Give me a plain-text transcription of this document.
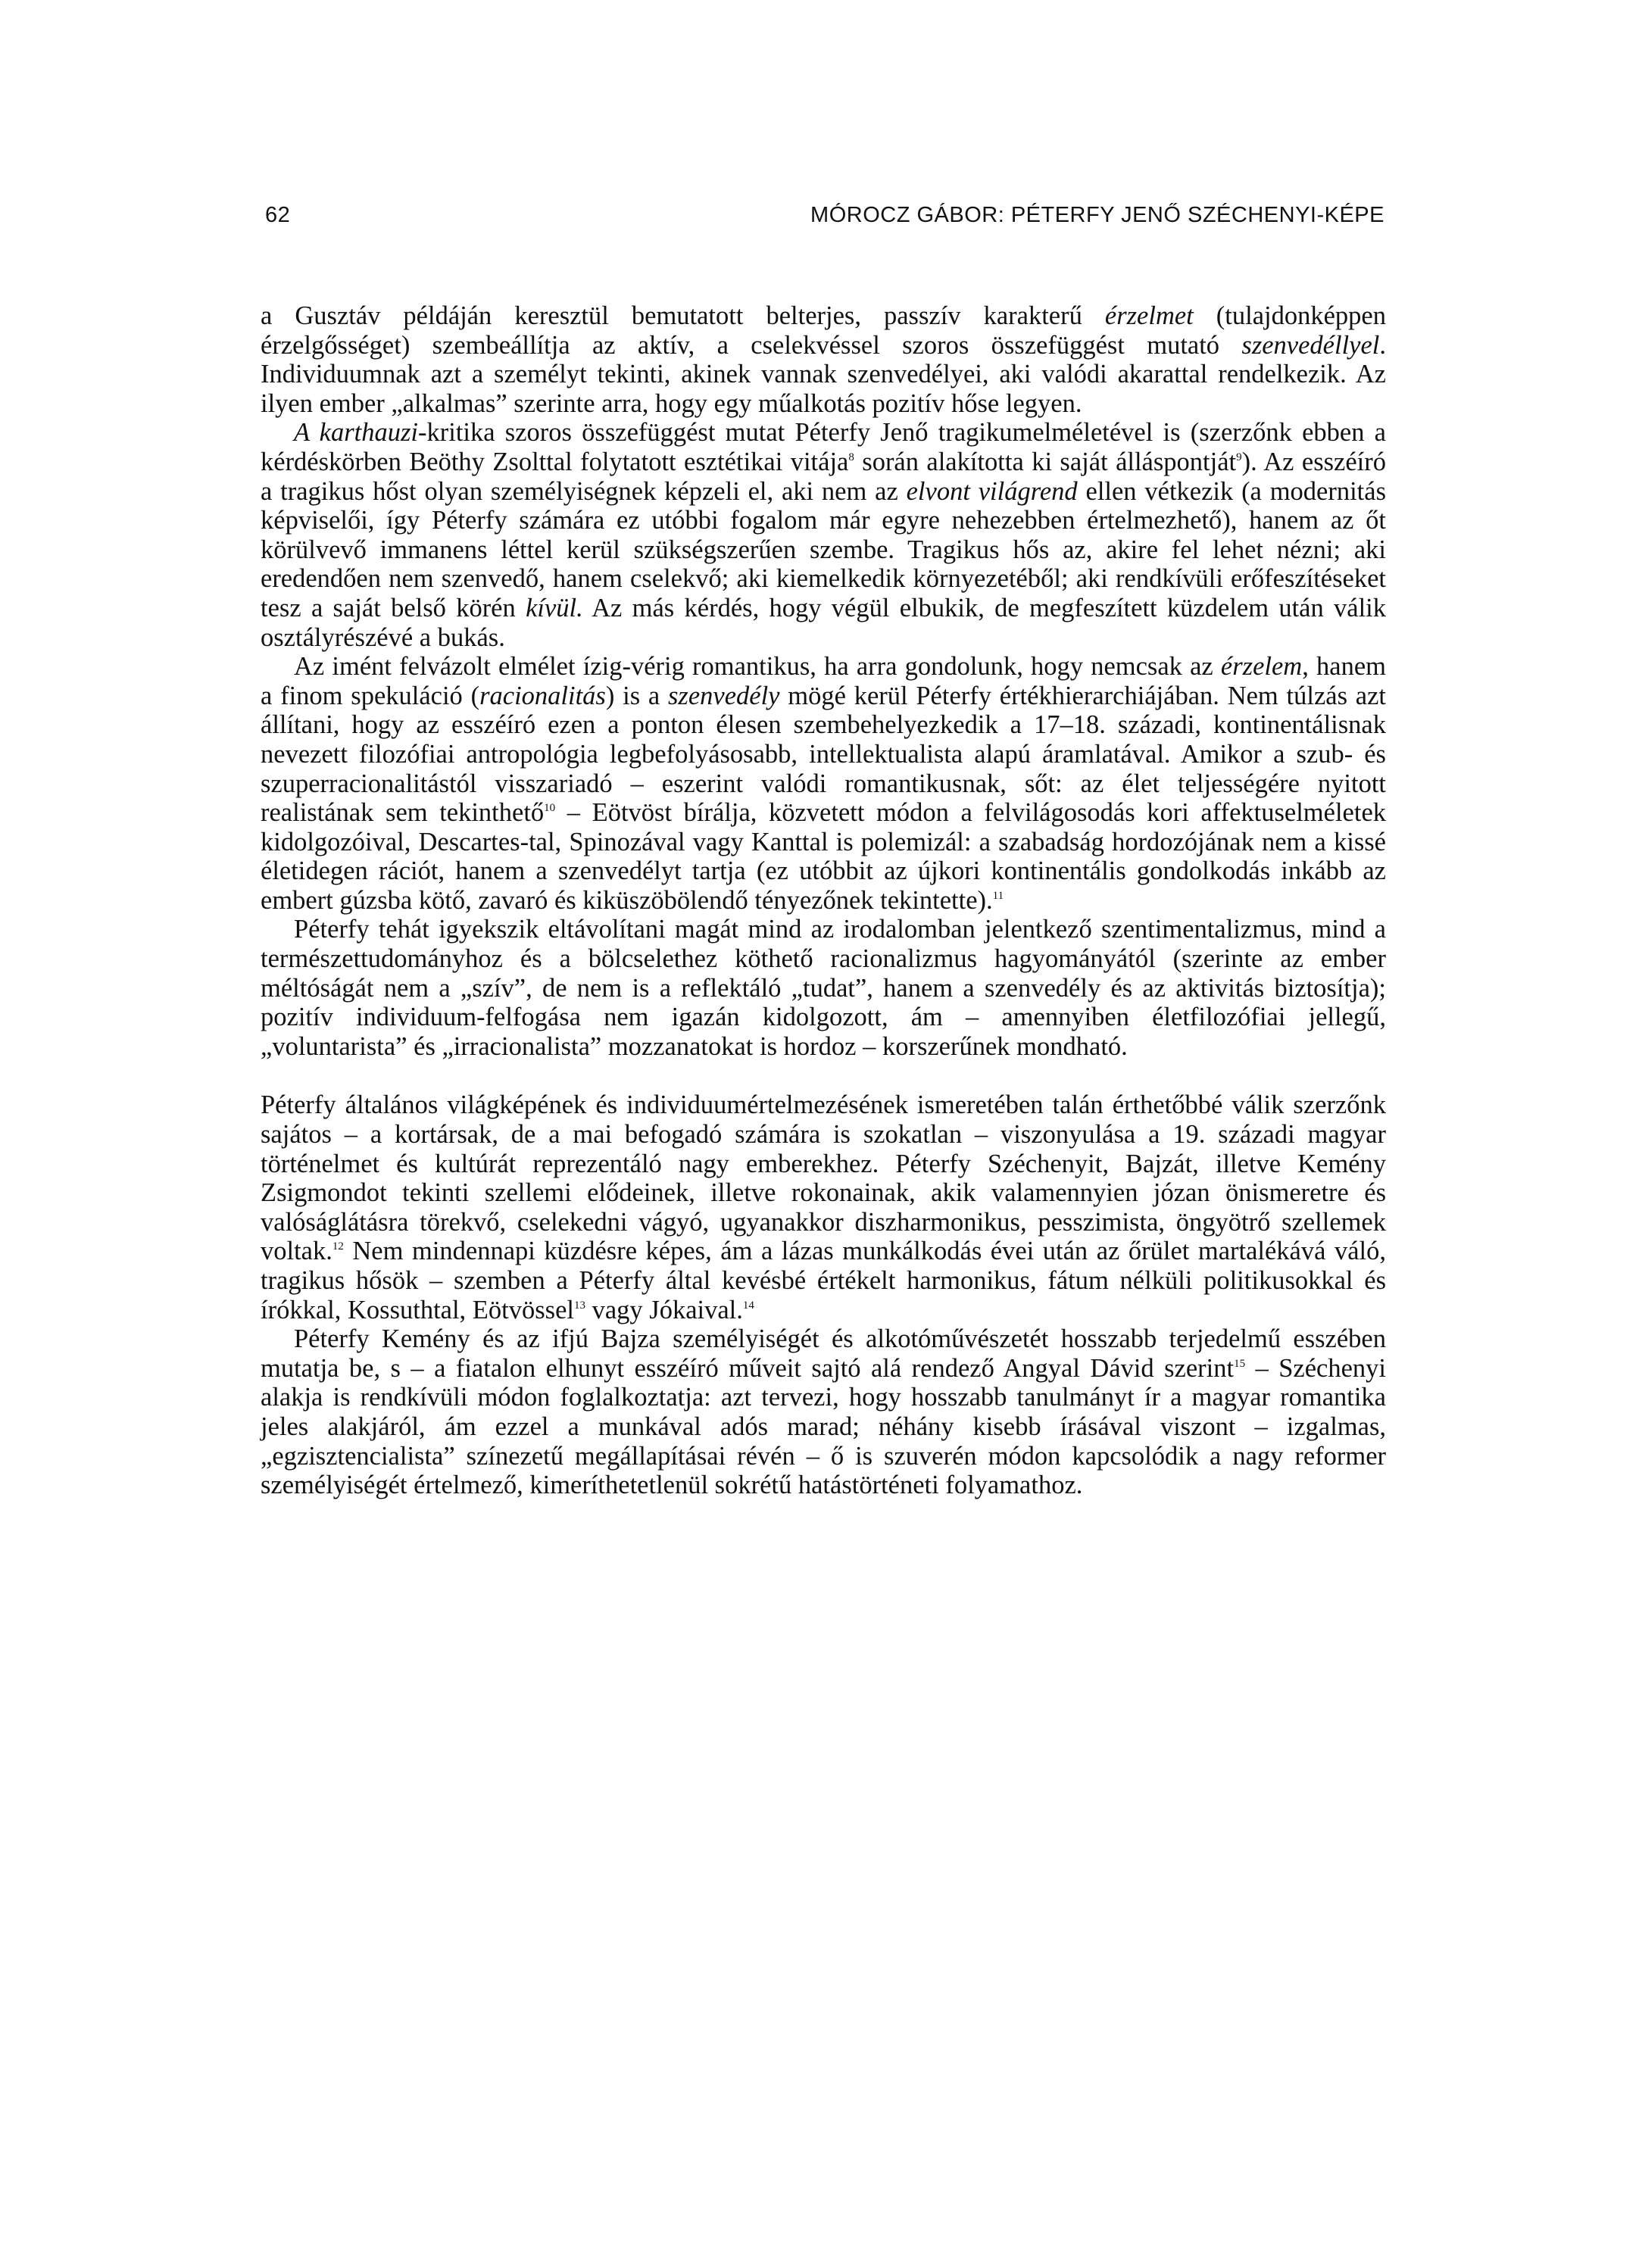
62	MÓROCZ GÁBOR: PÉTERFY JENŐ SZÉCHENYI-KÉPE

a Gusztáv példáján keresztül bemutatott belterjes, passzív karakterű érzelmet (tulajdonképpen érzelgősséget) szembeállítja az aktív, a cselekvéssel szoros összefüggést mutató szenvedéllyel. Individuumnak azt a személyt tekinti, akinek vannak szenvedélyei, aki valódi akarattal rendelkezik. Az ilyen ember „alkalmas” szerinte arra, hogy egy műalkotás pozitív hőse legyen.

A karthauzi-kritika szoros összefüggést mutat Péterfy Jenő tragikumelméletével is (szerzőnk ebben a kérdéskörben Beöthy Zsolttal folytatott esztétikai vitája$^8$ során alakította ki saját álláspontját$^9$). Az esszéíró a tragikus hőst olyan személyiségnek képzeli el, aki nem az elvont világrend ellen vétkezik (a modernitás képviselői, így Péterfy számára ez utóbbi fogalom már egyre nehezebben értelmezhető), hanem az őt körülvevő immanens léttel kerül szükségszerűen szembe. Tragikus hős az, akire fel lehet nézni; aki eredendően nem szenvedő, hanem cselekvő; aki kiemelkedik környezetéből; aki rendkívüli erőfeszítéseket tesz a saját belső körén kívül. Az más kérdés, hogy végül elbukik, de megfeszített küzdelem után válik osztályrészévé a bukás.

Az imént felvázolt elmélet ízig-vérig romantikus, ha arra gondolunk, hogy nemcsak az érzelem, hanem a finom spekuláció (racionalitás) is a szenvedély mögé kerül Péterfy értékhierarchiájában. Nem túlzás azt állítani, hogy az esszéíró ezen a ponton élesen szembehelyezkedik a 17–18. századi, kontinentálisnak nevezett filozófiai antropológia legbefolyásosabb, intellektualista alapú áramlatával. Amikor a szub- és szuperracionalitástól visszariadó – eszerint valódi romantikusnak, sőt: az élet teljességére nyitott realistának sem tekinthető$^{10}$ – Eötvöst bírálja, közvetett módon a felvilágosodás kori affektuselméletek kidolgozóival, Descartes-tal, Spinozával vagy Kanttal is polemizál: a szabadság hordozójának nem a kissé életidegen rációt, hanem a szenvedélyt tartja (ez utóbbit az újkori kontinentális gondolkodás inkább az embert gúzsba kötő, zavaró és kiküszöbölendő tényezőnek tekintette).$^{11}$

Péterfy tehát igyekszik eltávolítani magát mind az irodalomban jelentkező szentimentalizmus, mind a természettudományhoz és a bölcselethez köthető racionalizmus hagyományától (szerinte az ember méltóságát nem a „szív”, de nem is a reflektáló „tudat”, hanem a szenvedély és az aktivitás biztosítja); pozitív individuum-felfogása nem igazán kidolgozott, ám – amennyiben életfilozófiai jellegű, „voluntarista” és „irracionalista” mozzanatokat is hordoz – korszerűnek mondható.

Péterfy általános világképének és individuumértelmezésének ismeretében talán érthetőbbé válik szerzőnk sajátos – a kortársak, de a mai befogadó számára is szokatlan – viszonyulása a 19. századi magyar történelmet és kultúrát reprezentáló nagy emberekhez. Péterfy Széchenyit, Bajzát, illetve Kemény Zsigmondot tekinti szellemi elődeinek, illetve rokonainak, akik valamennyien józan önismeretre és valóságlátásra törekvő, cselekedni vágyó, ugyanakkor diszharmonikus, pesszimista, öngyötrő szellemek voltak.$^{12}$ Nem mindennapi küzdésre képes, ám a lázas munkálkodás évei után az őrület martalékává váló, tragikus hősök – szemben a Péterfy által kevésbé értékelt harmonikus, fátum nélküli politikusokkal és írókkal, Kossuthtal, Eötvössel$^{13}$ vagy Jókaival.$^{14}$

Péterfy Kemény és az ifjú Bajza személyiségét és alkotóművészetét hosszabb terjedelmű esszében mutatja be, s – a fiatalon elhunyt esszéíró műveit sajtó alá rendező Angyal Dávid szerint$^{15}$ – Széchenyi alakja is rendkívüli módon foglalkoztatja: azt tervezi, hogy hosszabb tanulmányt ír a magyar romantika jeles alakjáról, ám ezzel a munkával adós marad; néhány kisebb írásával viszont – izgalmas, „egzisztencialista” színezetű megállapításai révén – ő is szuverén módon kapcsolódik a nagy reformer személyiségét értelmező, kimeríthetetlenül sokrétű hatástörténeti folyamathoz.
